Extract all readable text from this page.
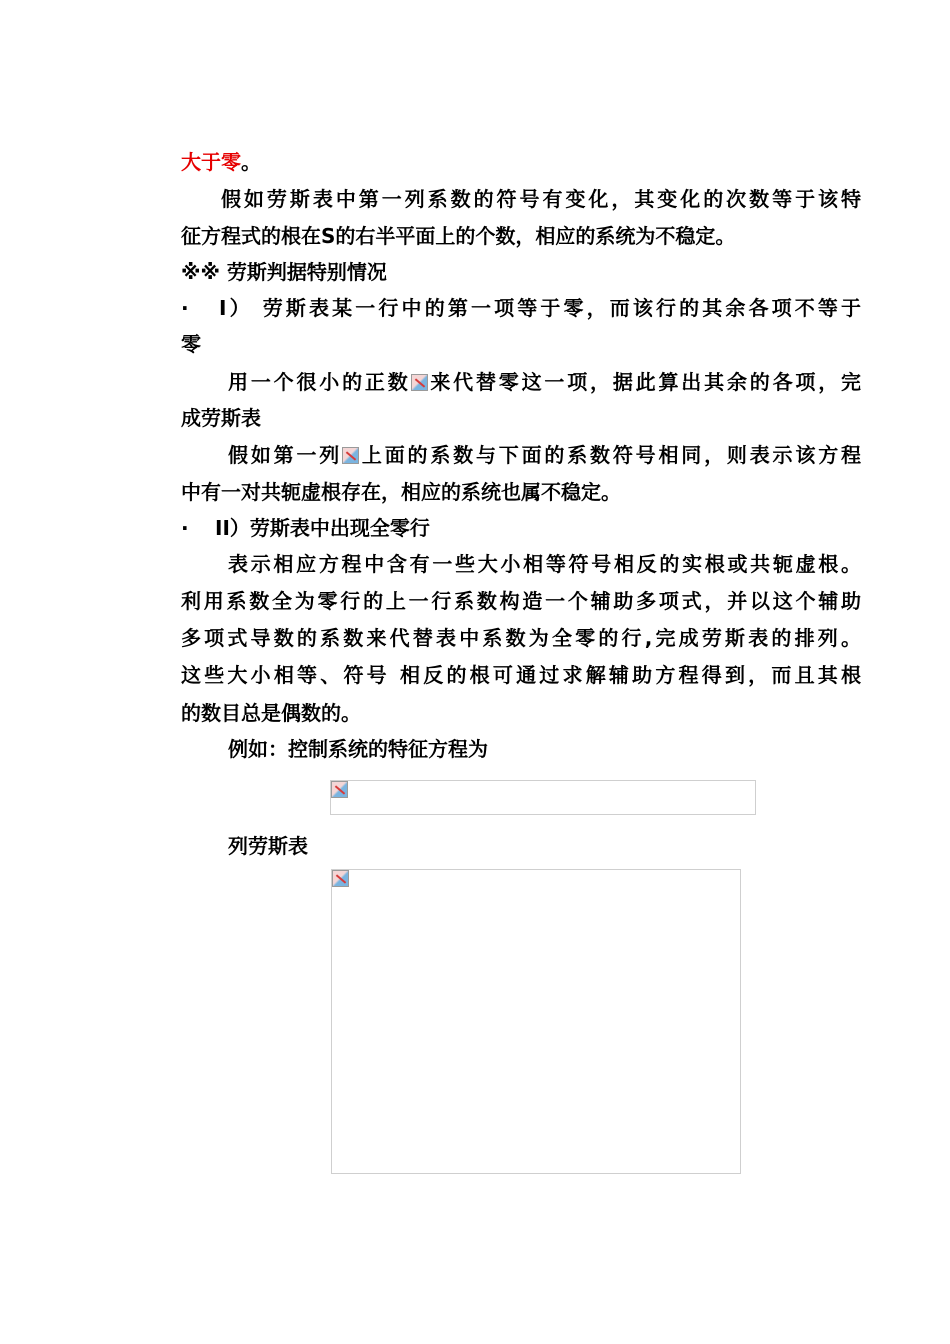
大于零。
假如劳斯表中第一列系数的符号有变化，其变化的次数等于该特
征方程式的根在S的右半平面上的个数，相应的系统为不稳定。
※※ 劳斯判据特别情况
· I） 劳斯表某一行中的第一项等于零，而该行的其余各项不等于
零
用一个很小的正数 来代替零这一项，据此算出其余的各项，完
成劳斯表
假如第一列 上面的系数与下面的系数符号相同，则表示该方程
中有一对共轭虚根存在，相应的系统也属不稳定。
· II）劳斯表中出现全零行
表示相应方程中含有一些大小相等符号相反的实根或共轭虚根。
利用系数全为零行的上一行系数构造一个辅助多项式，并以这个辅助
多项式导数的系数来代替表中系数为全零的行,完成劳斯表的排列。
这些大小相等、符号 相反的根可通过求解辅助方程得到，而且其根
的数目总是偶数的。
例如：控制系统的特征方程为
列劳斯表
